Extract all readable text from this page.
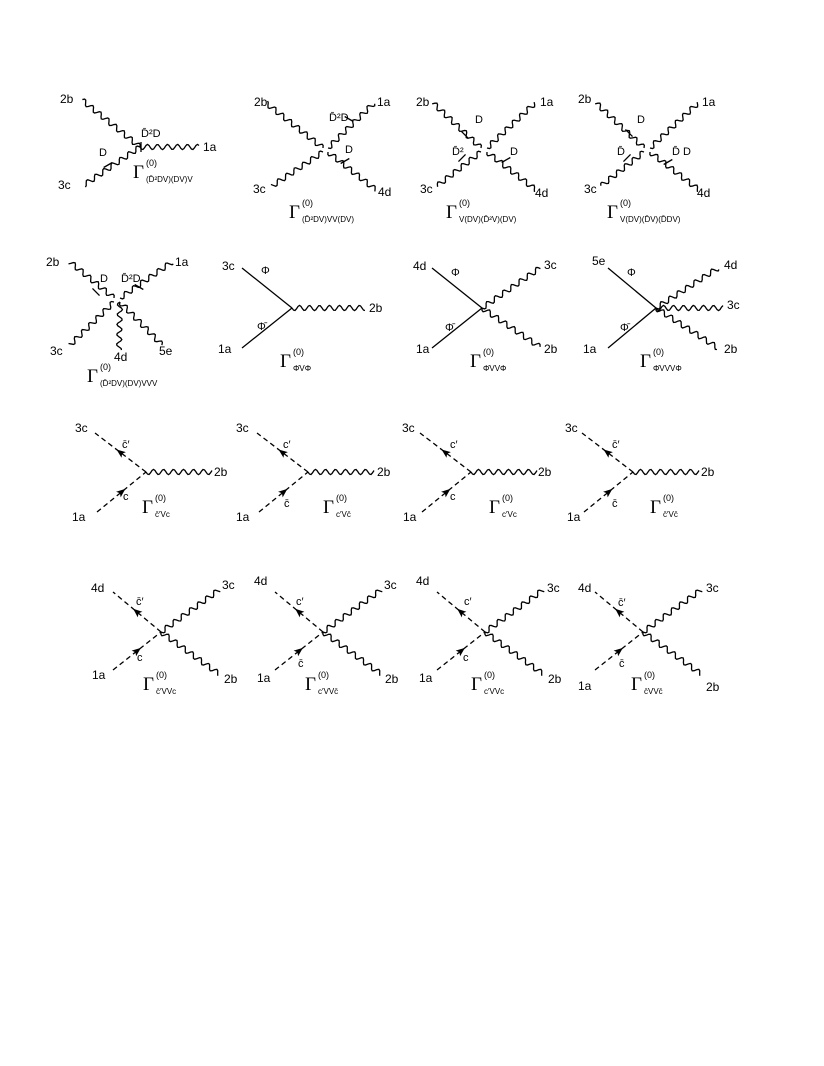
2b
1a
3c
D
D̄²D
Γ (0)
(D̄²DV)(DV)V
2b	1a
3c	4d
D̄²D
D
Γ (0)
(D̄²DV)VV(DV)
2b	1a
3c	4d
D
D̄²	D
Γ (0)
V(DV)(D̄²V)(DV)
2b	1a
3c	4d
D
D̄	D̄ D
Γ (0)
V(DV)(D̄V)(D̄DV)
2b	1a
3c	4d	5e
D D̄²D
Γ (0)
(D̄²DV)(DV)VVV
3c
1a
2b
Φ
Φ̄
Γ (0)
Φ̄VΦ
4d
1a
3c
2b
Φ
Φ̄
Γ (0)
Φ̄VVΦ
5e
1a
4d
3c
2b
Φ
Φ̄
Γ (0)
Φ̄VVVΦ
3c
1a
2b
c̄′
c Γ (0)
c̄′Vc
3c
1a
2b
c′
c̄ Γ (0)
c′Vc̄
3c
1a
2b
c′
c Γ (0)
c′Vc
3c
1a
2b
c̄′
c̄ Γ (0)
c̄′Vc̄
4d
1a
3c
2b
c̄′
c
Γ (0)
c̄′VVc
4d
1a
3c
2b
c′
c̄
Γ (0)
c′VVc̄
4d
1a
3c
2b
c′
c
Γ (0)
c′VVc
4d
1a
3c
2b
c̄′
c̄
Γ (0)
c̄VVc̄
